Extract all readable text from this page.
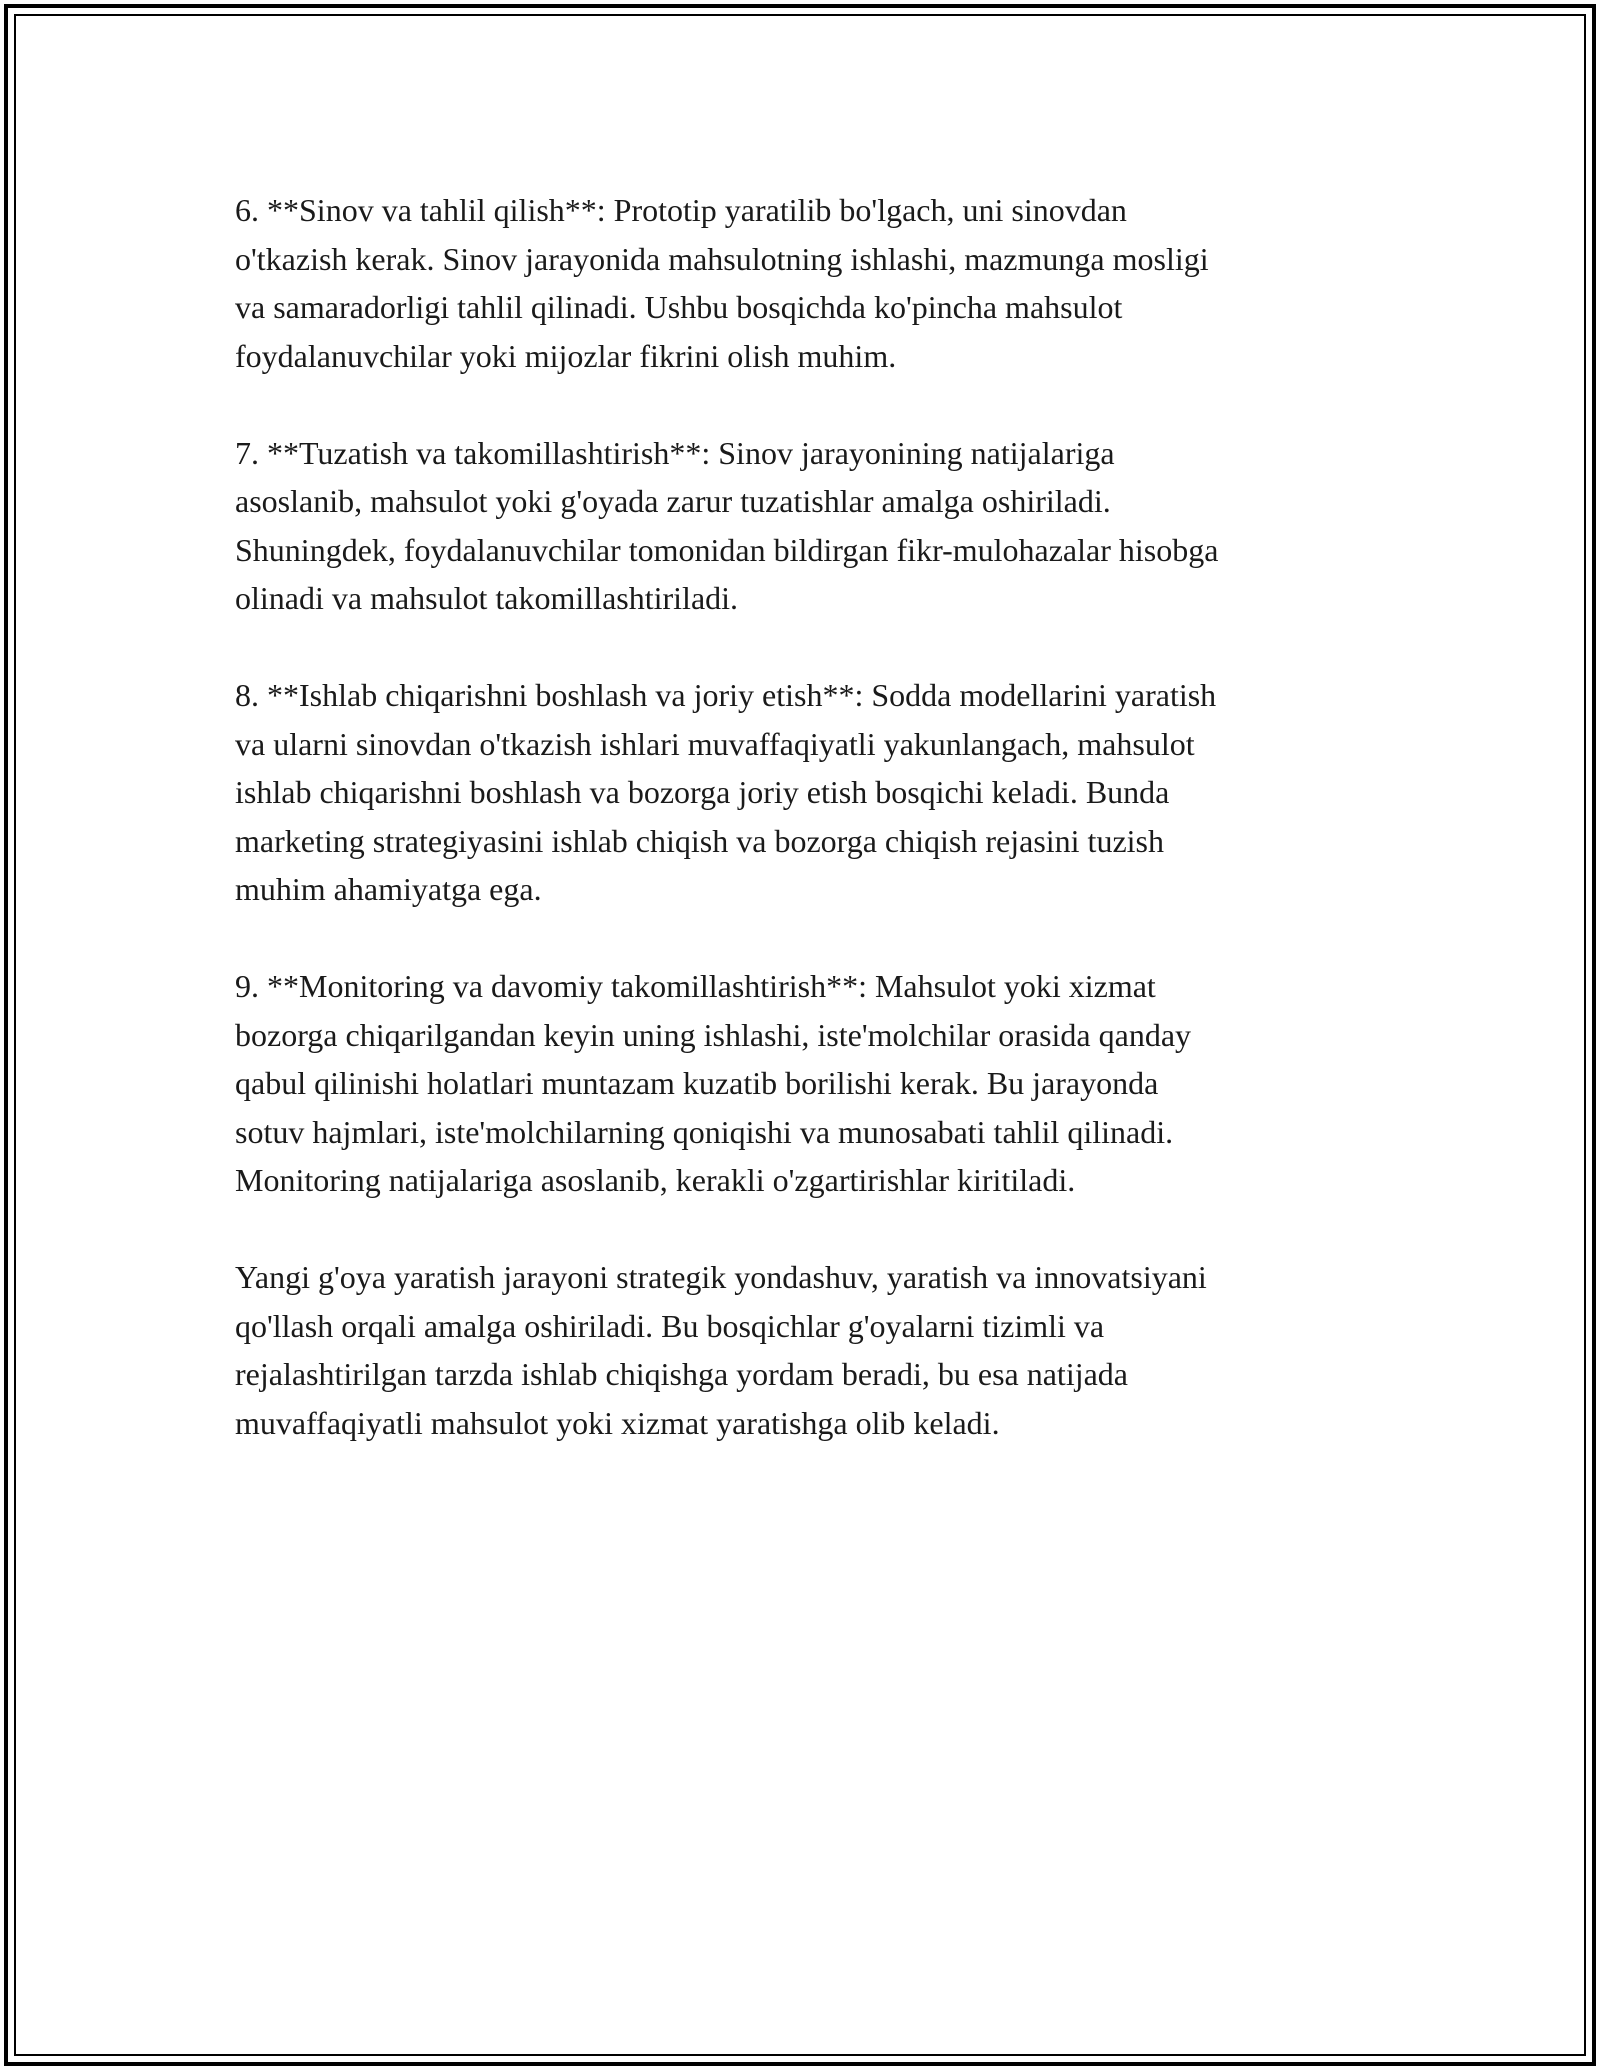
6. **Sinov va tahlil qilish**: Prototip yaratilib bo'lgach, uni sinovdan
o'tkazish kerak. Sinov jarayonida mahsulotning ishlashi, mazmunga mosligi
va samaradorligi tahlil qilinadi. Ushbu bosqichda ko'pincha mahsulot
foydalanuvchilar yoki mijozlar fikrini olish muhim.

7. **Tuzatish va takomillashtirish**: Sinov jarayonining natijalariga
asoslanib, mahsulot yoki g'oyada zarur tuzatishlar amalga oshiriladi.
Shuningdek, foydalanuvchilar tomonidan bildirgan fikr-mulohazalar hisobga
olinadi va mahsulot takomillashtiriladi.

8. **Ishlab chiqarishni boshlash va joriy etish**: Sodda modellarini yaratish
va ularni sinovdan o'tkazish ishlari muvaffaqiyatli yakunlangach, mahsulot
ishlab chiqarishni boshlash va bozorga joriy etish bosqichi keladi. Bunda
marketing strategiyasini ishlab chiqish va bozorga chiqish rejasini tuzish
muhim ahamiyatga ega.

9. **Monitoring va davomiy takomillashtirish**: Mahsulot yoki xizmat
bozorga chiqarilgandan keyin uning ishlashi, iste'molchilar orasida qanday
qabul qilinishi holatlari muntazam kuzatib borilishi kerak. Bu jarayonda
sotuv hajmlari, iste'molchilarning qoniqishi va munosabati tahlil qilinadi.
Monitoring natijalariga asoslanib, kerakli o'zgartirishlar kiritiladi.

Yangi g'oya yaratish jarayoni strategik yondashuv, yaratish va innovatsiyani
qo'llash orqali amalga oshiriladi. Bu bosqichlar g'oyalarni tizimli va
rejalashtirilgan tarzda ishlab chiqishga yordam beradi, bu esa natijada
muvaffaqiyatli mahsulot yoki xizmat yaratishga olib keladi.
